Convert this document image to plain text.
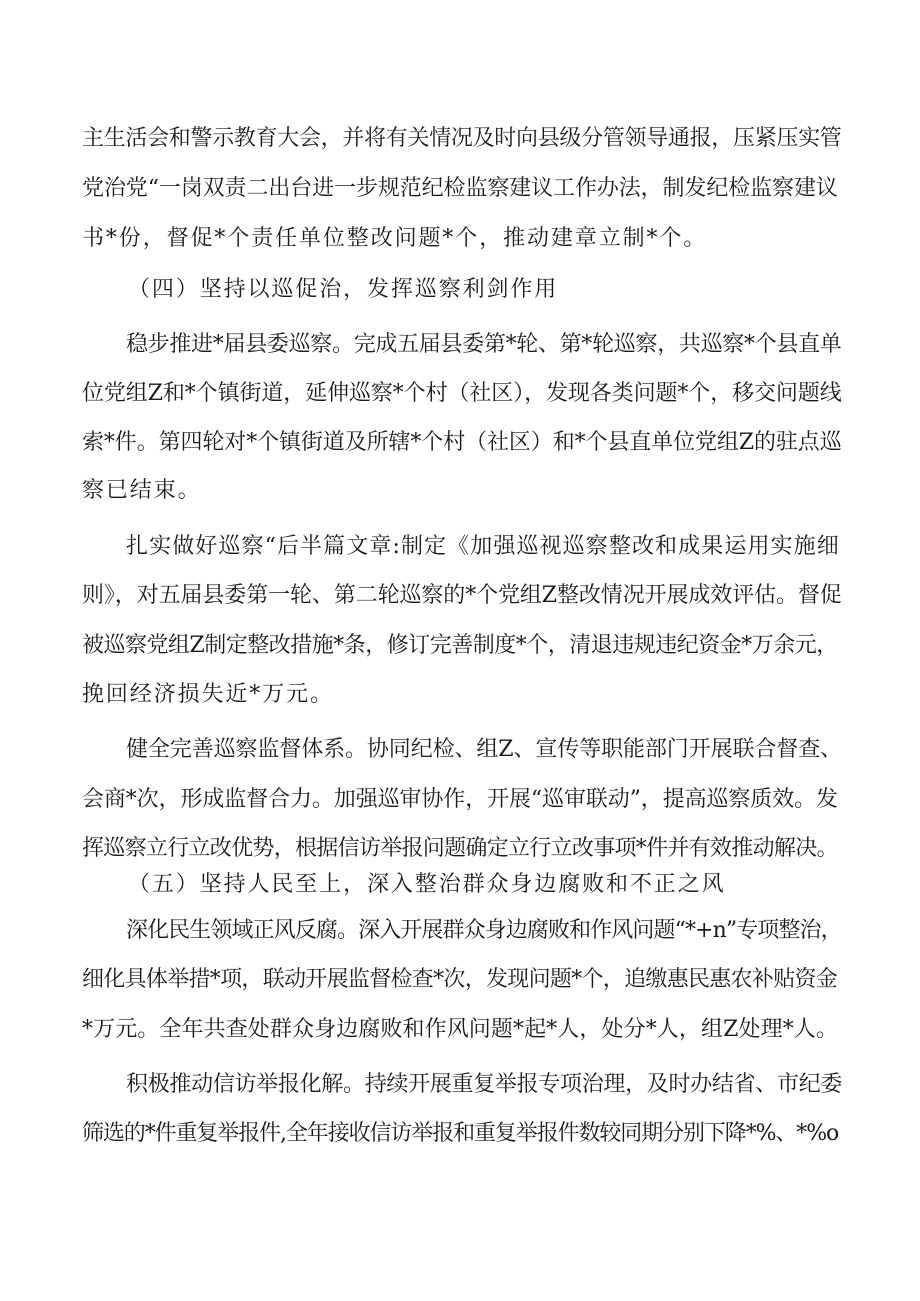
主生活会和警示教育大会，并将有关情况及时向县级分管领导通报，压紧压实管
党治党“一岗双责二出台进一步规范纪检监察建议工作办法，制发纪检监察建议
书*份，督促*个责任单位整改问题*个，推动建章立制*个。
（四）坚持以巡促治，发挥巡察利剑作用
稳步推进*届县委巡察。完成五届县委第*轮、第*轮巡察，共巡察*个县直单
位党组Z和*个镇街道，延伸巡察*个村（社区），发现各类问题*个，移交问题线
索*件。第四轮对*个镇街道及所辖*个村（社区）和*个县直单位党组Z的驻点巡
察已结束。
扎实做好巡察“后半篇文章:制定《加强巡视巡察整改和成果运用实施细
则》，对五届县委第一轮、第二轮巡察的*个党组Z整改情况开展成效评估。督促
被巡察党组Z制定整改措施*条，修订完善制度*个，清退违规违纪资金*万余元，
挽回经济损失近*万元。
健全完善巡察监督体系。协同纪检、组Z、宣传等职能部门开展联合督查、
会商*次，形成监督合力。加强巡审协作，开展“巡审联动”，提高巡察质效。发
挥巡察立行立改优势，根据信访举报问题确定立行立改事项*件并有效推动解决。
（五）坚持人民至上，深入整治群众身边腐败和不正之风
深化民生领域正风反腐。深入开展群众身边腐败和作风问题“*+n”专项整治，
细化具体举措*项，联动开展监督检查*次，发现问题*个，追缴惠民惠农补贴资金
*万元。全年共查处群众身边腐败和作风问题*起*人，处分*人，组Z处理*人。
积极推动信访举报化解。持续开展重复举报专项治理，及时办结省、市纪委
筛选的*件重复举报件,全年接收信访举报和重复举报件数较同期分别下降*%、*%o
